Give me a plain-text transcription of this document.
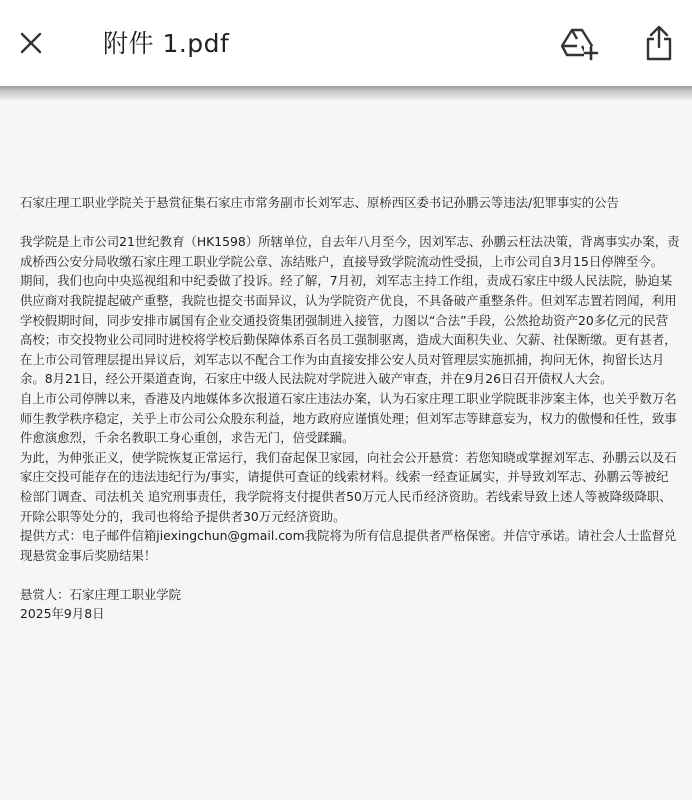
附件 1.pdf

石家庄理工职业学院关于悬赏征集石家庄市常务副市长刘军志、原桥西区委书记孙鹏云等违法/犯罪事实的公告

我学院是上市公司21世纪教育（HK1598）所辖单位，自去年八月至今，因刘军志、孙鹏云枉法决策，背离事实办案，责成桥西公安分局收缴石家庄理工职业学院公章、冻结账户，直接导致学院流动性受损，上市公司自3月15日停牌至今。

期间，我们也向中央巡视组和中纪委做了投诉。经了解，7月初，刘军志主持工作组，责成石家庄中级人民法院，胁迫某供应商对我院提起破产重整，我院也提交书面异议，认为学院资产优良，不具备破产重整条件。但刘军志置若罔闻，利用学校假期时间，同步安排市属国有企业交通投资集团强制进入接管，力图以“合法”手段，公然抢劫资产20多亿元的民营高校；市交投物业公司同时进校将学校后勤保障体系百名员工强制驱离，造成大面积失业、欠薪、社保断缴。更有甚者，在上市公司管理层提出异议后，刘军志以不配合工作为由直接安排公安人员对管理层实施抓捕，拘问无休，拘留长达月余。8月21日，经公开渠道查询，石家庄中级人民法院对学院进入破产审查，并在9月26日召开债权人大会。

自上市公司停牌以来，香港及内地媒体多次报道石家庄违法办案，认为石家庄理工职业学院既非涉案主体，也关乎数万名师生教学秩序稳定，关乎上市公司公众股东利益，地方政府应谨慎处理；但刘军志等肆意妄为，权力的傲慢和任性，致事件愈演愈烈，千余名教职工身心重创，求告无门，倍受蹂躏。

为此，为伸张正义，使学院恢复正常运行，我们奋起保卫家园，向社会公开悬赏：若您知晓或掌握刘军志、孙鹏云以及石家庄交投可能存在的违法违纪行为/事实，请提供可查证的线索材料。线索一经查证属实，并导致刘军志、孙鹏云等被纪检部门调查、司法机关 追究刑事责任，我学院将支付提供者50万元人民币经济资助。若线索导致上述人等被降级降职、开除公职等处分的，我司也将给予提供者30万元经济资助。

提供方式：电子邮件信箱jiexingchun@gmail.com我院将为所有信息提供者严格保密。并信守承诺。请社会人士监督兑现悬赏金事后奖励结果！

悬赏人：石家庄理工职业学院
2025年9月8日
